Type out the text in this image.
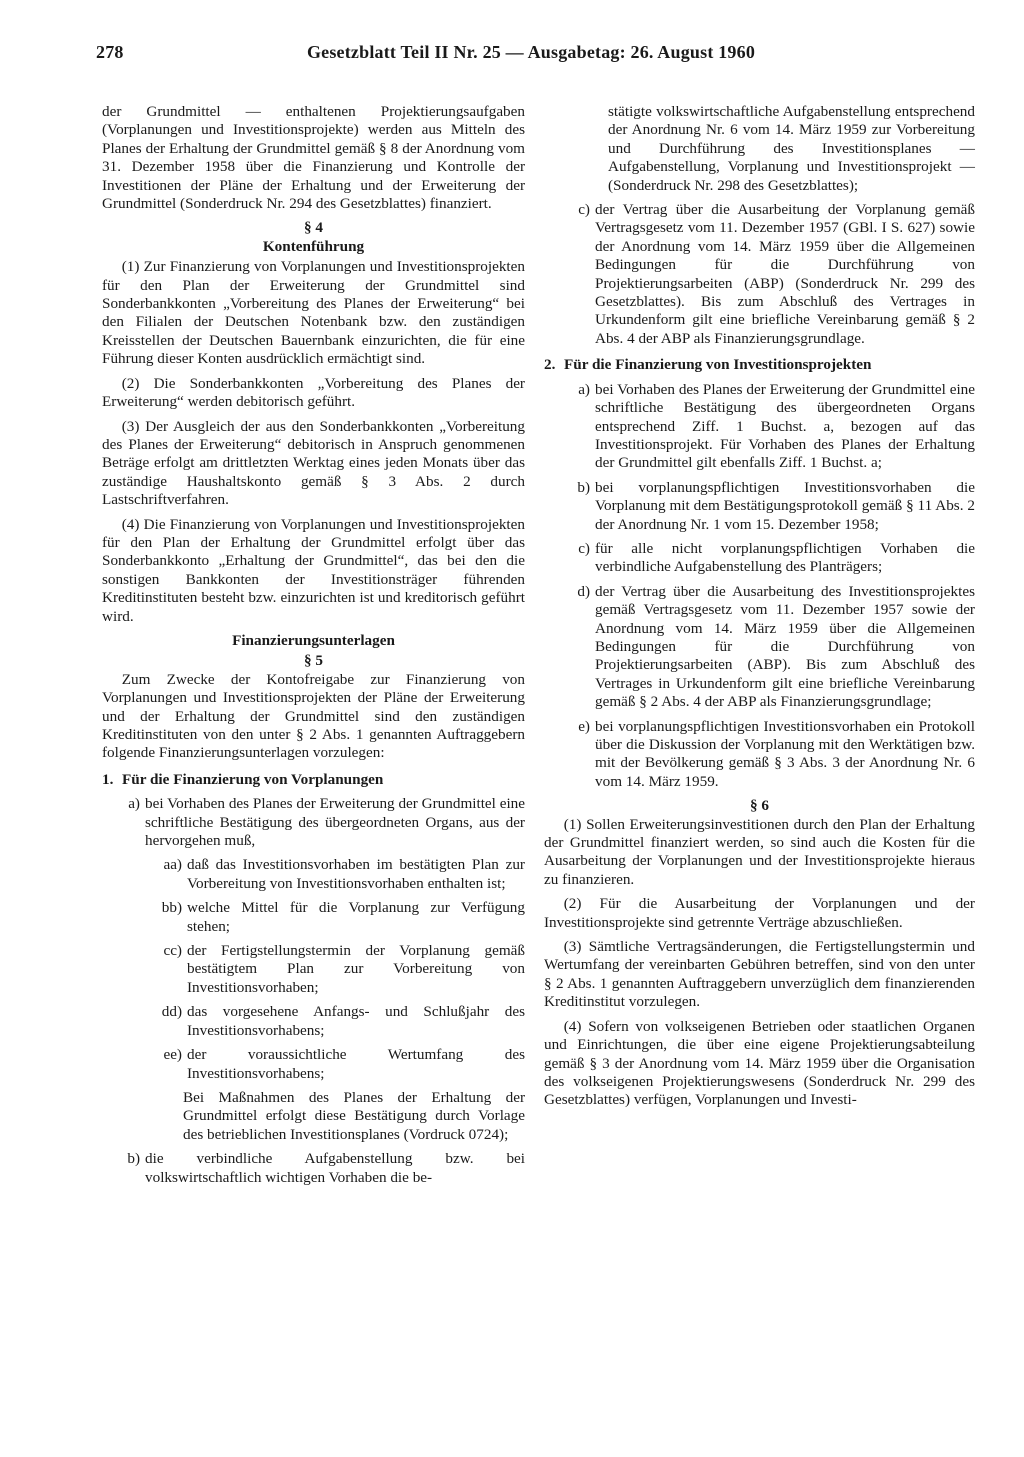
278	Gesetzblatt Teil II Nr. 25 — Ausgabetag: 26. August 1960

der Grundmittel — enthaltenen Projektierungsaufgaben (Vorplanungen und Investitionsprojekte) werden aus Mitteln des Planes der Erhaltung der Grundmittel gemäß § 8 der Anordnung vom 31. Dezember 1958 über die Finanzierung und Kontrolle der Investitionen der Pläne der Erhaltung und der Erweiterung der Grundmittel (Sonderdruck Nr. 294 des Gesetzblattes) finanziert.

§ 4
Kontenführung

(1) Zur Finanzierung von Vorplanungen und Investitionsprojekten für den Plan der Erweiterung der Grundmittel sind Sonderbankkonten „Vorbereitung des Planes der Erweiterung“ bei den Filialen der Deutschen Notenbank bzw. den zuständigen Kreisstellen der Deutschen Bauernbank einzurichten, die für eine Führung dieser Konten ausdrücklich ermächtigt sind.

(2) Die Sonderbankkonten „Vorbereitung des Planes der Erweiterung“ werden debitorisch geführt.

(3) Der Ausgleich der aus den Sonderbankkonten „Vorbereitung des Planes der Erweiterung“ debitorisch in Anspruch genommenen Beträge erfolgt am drittletzten Werktag eines jeden Monats über das zuständige Haushaltskonto gemäß § 3 Abs. 2 durch Lastschriftverfahren.

(4) Die Finanzierung von Vorplanungen und Investitionsprojekten für den Plan der Erhaltung der Grundmittel erfolgt über das Sonderbankkonto „Erhaltung der Grundmittel“, das bei den die sonstigen Bankkonten der Investitionsträger führenden Kreditinstituten besteht bzw. einzurichten ist und kreditorisch geführt wird.

Finanzierungsunterlagen
§ 5

Zum Zwecke der Kontofreigabe zur Finanzierung von Vorplanungen und Investitionsprojekten der Pläne der Erweiterung und der Erhaltung der Grundmittel sind den zuständigen Kreditinstituten von den unter § 2 Abs. 1 genannten Auftraggebern folgende Finanzierungsunterlagen vorzulegen:

1. Für die Finanzierung von Vorplanungen
a) bei Vorhaben des Planes der Erweiterung der Grundmittel eine schriftliche Bestätigung des übergeordneten Organs, aus der hervorgehen muß,
aa) daß das Investitionsvorhaben im bestätigten Plan zur Vorbereitung von Investitionsvorhaben enthalten ist;
bb) welche Mittel für die Vorplanung zur Verfügung stehen;
cc) der Fertigstellungstermin der Vorplanung gemäß bestätigtem Plan zur Vorbereitung von Investitionsvorhaben;
dd) das vorgesehene Anfangs- und Schlußjahr des Investitionsvorhabens;
ee) der voraussichtliche Wertumfang des Investitionsvorhabens;

Bei Maßnahmen des Planes der Erhaltung der Grundmittel erfolgt diese Bestätigung durch Vorlage des betrieblichen Investitionsplanes (Vordruck 0724);

b) die verbindliche Aufgabenstellung bzw. bei volkswirtschaftlich wichtigen Vorhaben die be-

stätigte volkswirtschaftliche Aufgabenstellung entsprechend der Anordnung Nr. 6 vom 14. März 1959 zur Vorbereitung und Durchführung des Investitionsplanes — Aufgabenstellung, Vorplanung und Investitionsprojekt — (Sonderdruck Nr. 298 des Gesetzblattes);

c) der Vertrag über die Ausarbeitung der Vorplanung gemäß Vertragsgesetz vom 11. Dezember 1957 (GBl. I S. 627) sowie der Anordnung vom 14. März 1959 über die Allgemeinen Bedingungen für die Durchführung von Projektierungsarbeiten (ABP) (Sonderdruck Nr. 299 des Gesetzblattes). Bis zum Abschluß des Vertrages in Urkundenform gilt eine briefliche Vereinbarung gemäß § 2 Abs. 4 der ABP als Finanzierungsgrundlage.
2. Für die Finanzierung von Investitionsprojekten
a) bei Vorhaben des Planes der Erweiterung der Grundmittel eine schriftliche Bestätigung des übergeordneten Organs entsprechend Ziff. 1 Buchst. a, bezogen auf das Investitionsprojekt. Für Vorhaben des Planes der Erhaltung der Grundmittel gilt ebenfalls Ziff. 1 Buchst. a;
b) bei vorplanungspflichtigen Investitionsvorhaben die Vorplanung mit dem Bestätigungsprotokoll gemäß § 11 Abs. 2 der Anordnung Nr. 1 vom 15. Dezember 1958;
c) für alle nicht vorplanungspflichtigen Vorhaben die verbindliche Aufgabenstellung des Planträgers;
d) der Vertrag über die Ausarbeitung des Investitionsprojektes gemäß Vertragsgesetz vom 11. Dezember 1957 sowie der Anordnung vom 14. März 1959 über die Allgemeinen Bedingungen für die Durchführung von Projektierungsarbeiten (ABP). Bis zum Abschluß des Vertrages in Urkundenform gilt eine briefliche Vereinbarung gemäß § 2 Abs. 4 der ABP als Finanzierungsgrundlage;
e) bei vorplanungspflichtigen Investitionsvorhaben ein Protokoll über die Diskussion der Vorplanung mit den Werktätigen bzw. mit der Bevölkerung gemäß § 3 Abs. 3 der Anordnung Nr. 6 vom 14. März 1959.
§ 6

(1) Sollen Erweiterungsinvestitionen durch den Plan der Erhaltung der Grundmittel finanziert werden, so sind auch die Kosten für die Ausarbeitung der Vorplanungen und der Investitionsprojekte hieraus zu finanzieren.

(2) Für die Ausarbeitung der Vorplanungen und der Investitionsprojekte sind getrennte Verträge abzuschließen.

(3) Sämtliche Vertragsänderungen, die Fertigstellungstermin und Wertumfang der vereinbarten Gebühren betreffen, sind von den unter § 2 Abs. 1 genannten Auftraggebern unverzüglich dem finanzierenden Kreditinstitut vorzulegen.

(4) Sofern von volkseigenen Betrieben oder staatlichen Organen und Einrichtungen, die über eine eigene Projektierungsabteilung gemäß § 3 der Anordnung vom 14. März 1959 über die Organisation des volkseigenen Projektierungswesens (Sonderdruck Nr. 299 des Gesetzblattes) verfügen, Vorplanungen und Investi-
